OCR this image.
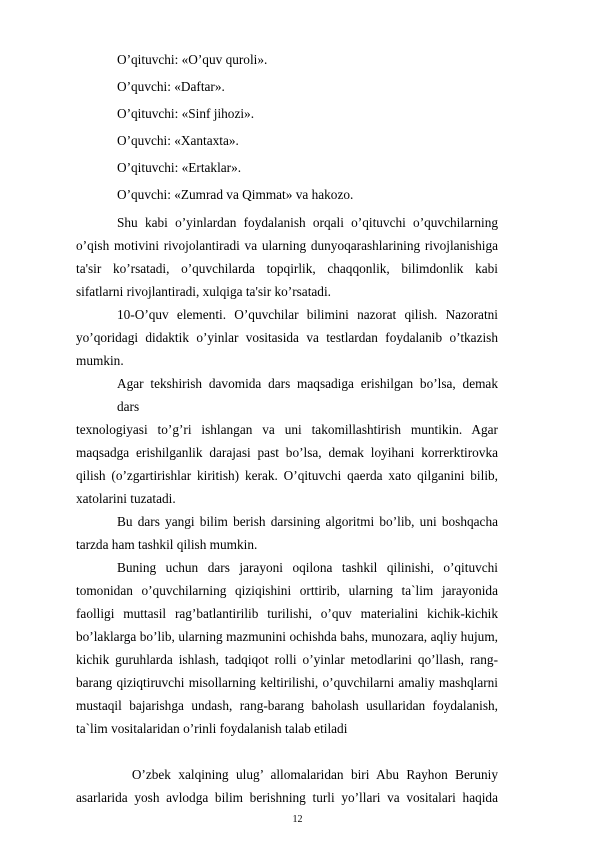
O’qituvchi: «O’quv quroli».
O’quvchi: «Daftar».
O’qituvchi: «Sinf jihozi».
O’quvchi: «Xantaxta».
O’qituvchi: «Ertaklar».
O’quvchi: «Zumrad va Qimmat» va hakozo.
Shu kabi o’yinlardan foydalanish orqali o’qituvchi o’quvchilarning
o’qish motivini rivojolantiradi va ularning dunyoqarashlarining rivojlanishiga ta'sir ko’rsatadi, o’quvchilarda topqirlik, chaqqonlik, bilimdonlik kabi sifatlarni rivojlantiradi, xulqiga ta'sir ko’rsatadi.
10-O’quv elementi. O’quvchilar bilimini nazorat qilish. Nazoratni
yo’qoridagi didaktik o’yinlar vositasida va testlardan foydalanib o’tkazish mumkin.
Agar tekshirish davomida dars maqsadiga erishilgan bo’lsa, demak dars
texnologiyasi to’g’ri ishlangan va uni takomillashtirish muntikin. Agar maqsadga erishilganlik darajasi past bo’lsa, demak loyihani korrerktirovka qilish (o’zgartirishlar kiritish) kerak. O’qituvchi qaerda xato qilganini bilib, xatolarini tuzatadi.
Bu dars yangi bilim berish darsining algoritmi bo’lib, uni boshqacha
tarzda ham tashkil qilish mumkin.
Buning uchun dars jarayoni oqilona tashkil qilinishi, o’qituvchi
tomonidan o’quvchilarning qiziqishini orttirib, ularning ta`lim jarayonida faolligi muttasil rag’batlantirilib turilishi, o’quv materialini kichik-kichik bo’laklarga bo’lib, ularning mazmunini ochishda bahs, munozara, aqliy hujum, kichik guruhlarda ishlash, tadqiqot rolli o’yinlar metodlarini qo’llash, rang-barang qiziqtiruvchi misollarning keltirilishi, o’quvchilarni amaliy mashqlarni mustaqil bajarishga undash, rang-barang baholash usullaridan foydalanish, ta`lim vositalaridan o’rinli foydalanish talab etiladi
O’zbek xalqining ulug’ allomalaridan biri Abu Rayhon Beruniy
asarlarida yosh avlodga bilim berishning turli yo’llari va vositalari haqida
12
